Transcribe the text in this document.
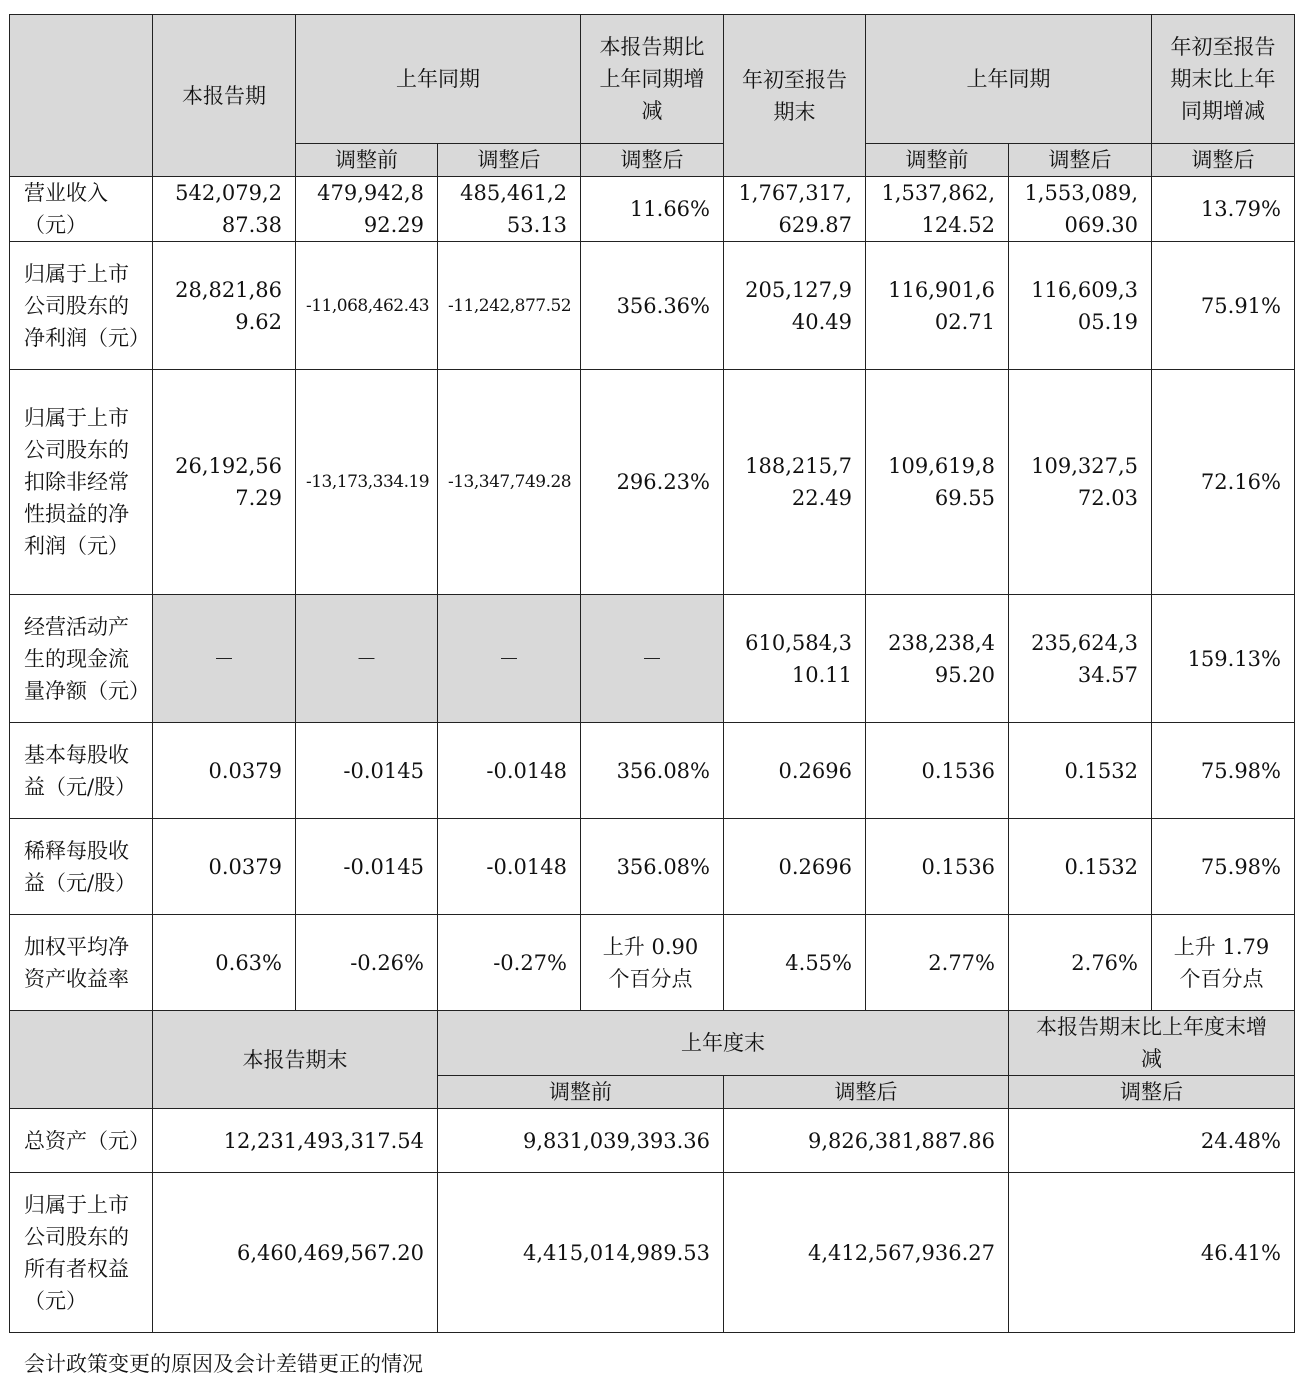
	本报告期	上年同期		本报告期比上年同期增减	年初至报告期末	上年同期		年初至报告期末比上年同期增减
		调整前	调整后	调整后		调整前	调整后	调整后
营业收入（元）	542,079,287.38	479,942,892.29	485,461,253.13	11.66%	1,767,317,629.87	1,537,862,124.52	1,553,089,069.30	13.79%
归属于上市公司股东的净利润（元）	28,821,869.62	-11,068,462.43	-11,242,877.52	356.36%	205,127,940.49	116,901,602.71	116,609,305.19	75.91%
归属于上市公司股东的扣除非经常性损益的净利润（元）	26,192,567.29	-13,173,334.19	-13,347,749.28	296.23%	188,215,722.49	109,619,869.55	109,327,572.03	72.16%
经营活动产生的现金流量净额（元）	－	－	－	－	610,584,310.11	238,238,495.20	235,624,334.57	159.13%
基本每股收益（元/股）	0.0379	-0.0145	-0.0148	356.08%	0.2696	0.1536	0.1532	75.98%
稀释每股收益（元/股）	0.0379	-0.0145	-0.0148	356.08%	0.2696	0.1536	0.1532	75.98%
加权平均净资产收益率	0.63%	-0.26%	-0.27%	上升 0.90 个百分点	4.55%	2.77%	2.76%	上升 1.79 个百分点
	本报告期末		上年度末				本报告期末比上年度末增减	
			调整前		调整后		调整后	
总资产（元）	12,231,493,317.54		9,831,039,393.36		9,826,381,887.86		24.48%	
归属于上市公司股东的所有者权益（元）	6,460,469,567.20		4,415,014,989.53		4,412,567,936.27		46.41%	
会计政策变更的原因及会计差错更正的情况
